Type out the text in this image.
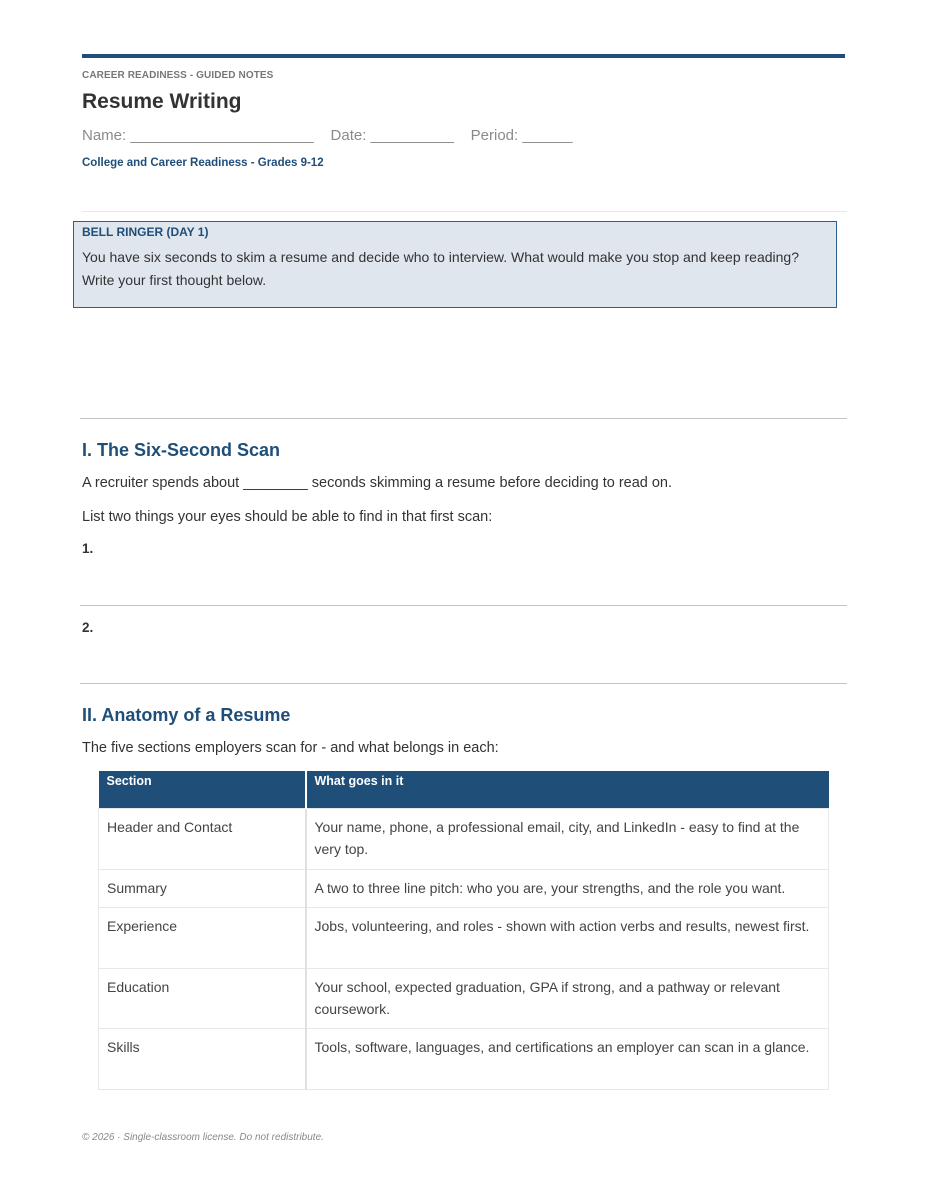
CAREER READINESS - GUIDED NOTES
Resume Writing
Name: ______________________    Date: __________    Period: ______
College and Career Readiness - Grades 9-12
BELL RINGER (DAY 1)
You have six seconds to skim a resume and decide who to interview. What would make you stop and keep reading? Write your first thought below.
I. The Six-Second Scan
A recruiter spends about ________ seconds skimming a resume before deciding to read on.
List two things your eyes should be able to find in that first scan:
1.
2.
II. Anatomy of a Resume
The five sections employers scan for - and what belongs in each:
Section	What goes in it
Header and Contact	Your name, phone, a professional email, city, and LinkedIn - easy to find at the very top.
Summary	A two to three line pitch: who you are, your strengths, and the role you want.
Experience	Jobs, volunteering, and roles - shown with action verbs and results, newest first.
Education	Your school, expected graduation, GPA if strong, and a pathway or relevant coursework.
Skills	Tools, software, languages, and certifications an employer can scan in a glance.
© 2026 · Single-classroom license. Do not redistribute.
